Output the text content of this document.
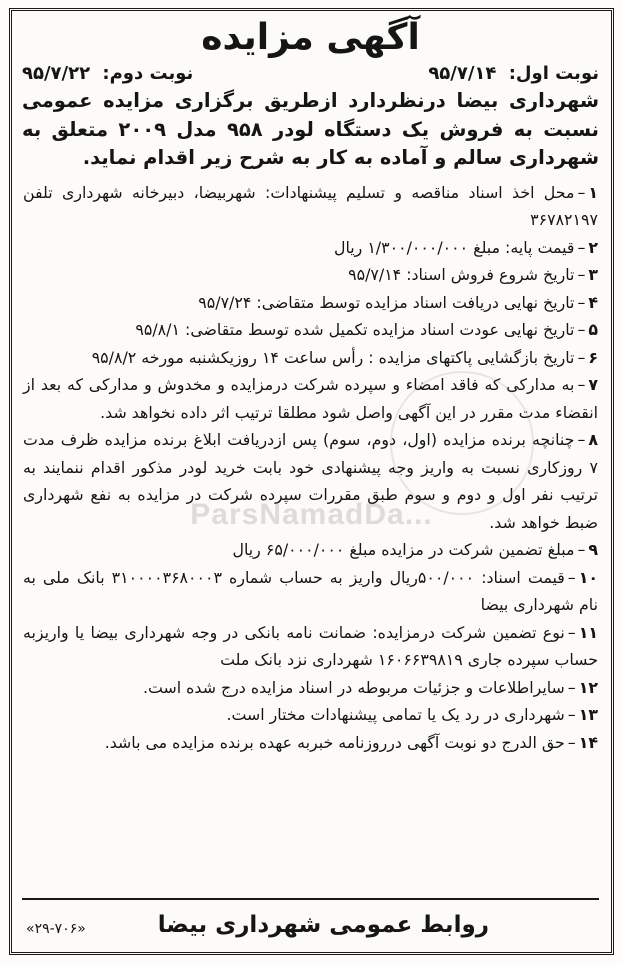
آگهی مزایده
نوبت اول: ۹۵/۷/۱۴
نوبت دوم: ۹۵/۷/۲۲

شهرداری بیضا درنظردارد ازطریق برگزاری مزایده عمومی نسبت به فروش یک دستگاه لودر ۹۵۸ مدل ۲۰۰۹ متعلق به شهرداری سالم و آماده به کار به شرح زیر اقدام نماید.

۱–محل اخذ اسناد مناقصه و تسلیم پیشنهادات: شهربیضا، دبیرخانه شهرداری تلفن ۳۶۷۸۲۱۹۷
۲–قیمت پایه: مبلغ ۱/۳۰۰/۰۰۰/۰۰۰ ریال
۳–تاریخ شروع فروش اسناد: ۹۵/۷/۱۴
۴–تاریخ نهایی دریافت اسناد مزایده توسط متقاضی: ۹۵/۷/۲۴
۵–تاریخ نهایی عودت اسناد مزایده تکمیل شده توسط متقاضی: ۹۵/۸/۱
۶–تاریخ بازگشایی پاکتهای مزایده : رأس ساعت ۱۴ روزیکشنبه مورخه ۹۵/۸/۲
۷–به مدارکی که فاقد امضاء و سپرده شرکت درمزایده و مخدوش و مدارکی که بعد از انقضاء مدت مقرر در این آگهی واصل شود مطلقا ترتیب اثر داده نخواهد شد.
۸–چنانچه برنده مزایده (اول، دوم، سوم) پس ازدریافت ابلاغ برنده مزایده ظرف مدت ۷ روزکاری نسبت به واریز وجه پیشنهادی خود بابت خرید لودر مذکور اقدام ننمایند به ترتیب نفر اول و دوم و سوم طبق مقررات سپرده شرکت در مزایده به نفع شهرداری ضبط خواهد شد.
۹–مبلغ تضمین شرکت در مزایده مبلغ ۶۵/۰۰۰/۰۰۰ ریال
۱۰–قیمت اسناد: ۵۰۰/۰۰۰ریال واریز به حساب شماره ۳۱۰۰۰۰۳۶۸۰۰۰۳ بانک ملی به نام شهرداری بیضا
۱۱–نوع تضمین شرکت درمزایده: ضمانت نامه بانکی در وجه شهرداری بیضا یا واریزبه حساب سپرده جاری ۱۶۰۶۶۳۹۸۱۹ شهرداری نزد بانک ملت
۱۲–سایراطلاعات و جزئیات مربوطه در اسناد مزایده درج شده است.
۱۳–شهرداری در رد یک یا تمامی پیشنهادات مختار است.
۱۴–حق الدرج دو نوبت آگهی درروزنامه خبربه عهده برنده مزایده می باشد.
روابط عمومی شهرداری بیضا
«۲۹-۷۰۶»
ParsNamadDa...
